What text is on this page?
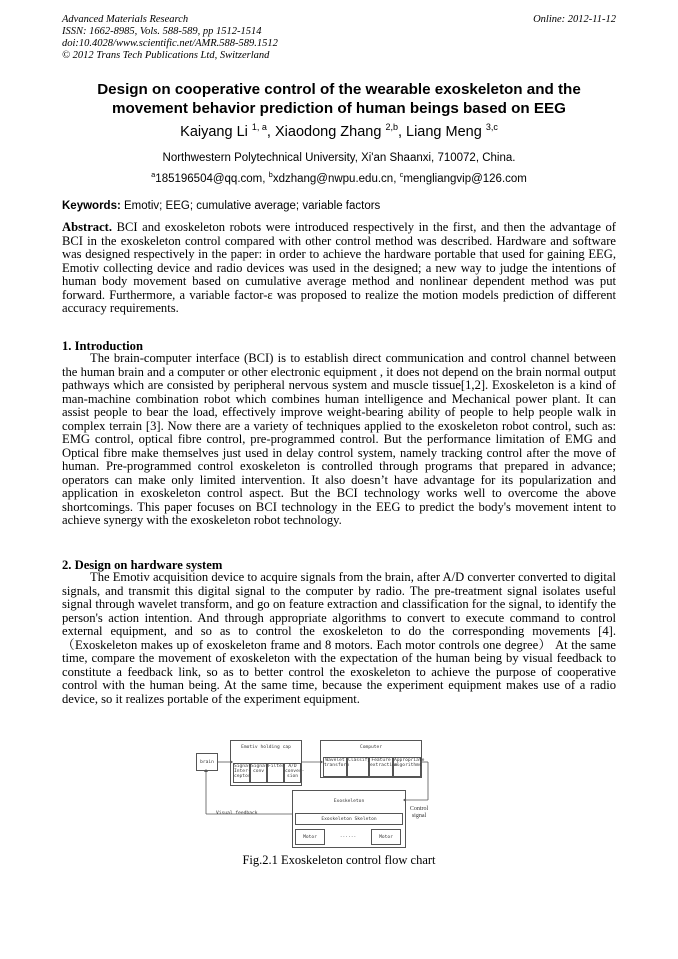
Advanced Materials Research
ISSN: 1662-8985, Vols. 588-589, pp 1512-1514
doi:10.4028/www.scientific.net/AMR.588-589.1512
© 2012 Trans Tech Publications Ltd, Switzerland
Online: 2012-11-12
Design on cooperative control of the wearable exoskeleton and the movement behavior prediction of human beings based on EEG
Kaiyang Li $^{1, a}$, Xiaodong Zhang $^{2,b}$, Liang Meng $^{3,c}$
Northwestern Polytechnical University, Xi'an Shaanxi, 710072, China.
$^a$185196504@qq.com, $^b$xdzhang@nwpu.edu.cn, $^c$mengliangvip@126.com
Keywords: Emotiv; EEG; cumulative average; variable factors
Abstract. BCI and exoskeleton robots were introduced respectively in the first, and then the advantage of BCI in the exoskeleton control compared with other control method was described. Hardware and software was designed respectively in the paper: in order to achieve the hardware portable that used for gaining EEG, Emotiv collecting device and radio devices was used in the designed; a new way to judge the intentions of human body movement based on cumulative average method and nonlinear dependent method was put forward. Furthermore, a variable factor-ε was proposed to realize the motion models prediction of different accuracy requirements.
1. Introduction
The brain-computer interface (BCI) is to establish direct communication and control channel between the human brain and a computer or other electronic equipment , it does not depend on the brain normal output pathways which are consisted by peripheral nervous system and muscle tissue[1,2]. Exoskeleton is a kind of man-machine combination robot which combines human intelligence and Mechanical power plant. It can assist people to bear the load, effectively improve weight-bearing ability of people to help people walk in complex terrain [3]. Now there are a variety of techniques applied to the exoskeleton robot control, such as: EMG control, optical fibre control, pre-programmed control. But the performance limitation of EMG and Optical fibre make themselves just used in delay control system, namely tracking control after the move of human. Pre-programmed control exoskeleton is controlled through programs that prepared in advance; operators can make only limited intervention. It also doesn’t have advantage for its popularization and application in exoskeleton control aspect. But the BCI technology works well to overcome the above shortcomings. This paper focuses on BCI technology in the EEG to predict the body's movement intent to achieve synergy with the exoskeleton robot technology.
2. Design on hardware system
The Emotiv acquisition device to acquire signals from the brain, after A/D converter converted to digital signals, and transmit this digital signal to the computer by radio. The pre-treatment signal isolates useful signal through wavelet transform, and go on feature extraction and classification for the signal, to identify the person's action intention. And through appropriate algorithms to convert to execute command to control external equipment, and so as to control the exoskeleton to do the corresponding movements [4].（Exoskeleton makes up of exoskeleton frame and 8 motors. Each motor controls one degree） At the same time, compare the movement of exoskeleton with the expectation of the human being by visual feedback to constitute a feedback link, so as to better control the exoskeleton to achieve the purpose of cooperative control with the human being. At the same time, because the experiment equipment makes use of a radio device, so it realizes portable of the experiment equipment.
brain
Emotiv holding cap
Signal Inter-ceptor
Signal conv
Filter A/D conver-sion
Computer
Wavelet transform
Classify Feature extraction
Appropriate algorithms
Exoskeleton
Exoskeleton Skeleton
Motor	......	Motor
Visual feedback
Control signal
Fig.2.1 Exoskeleton control flow chart
